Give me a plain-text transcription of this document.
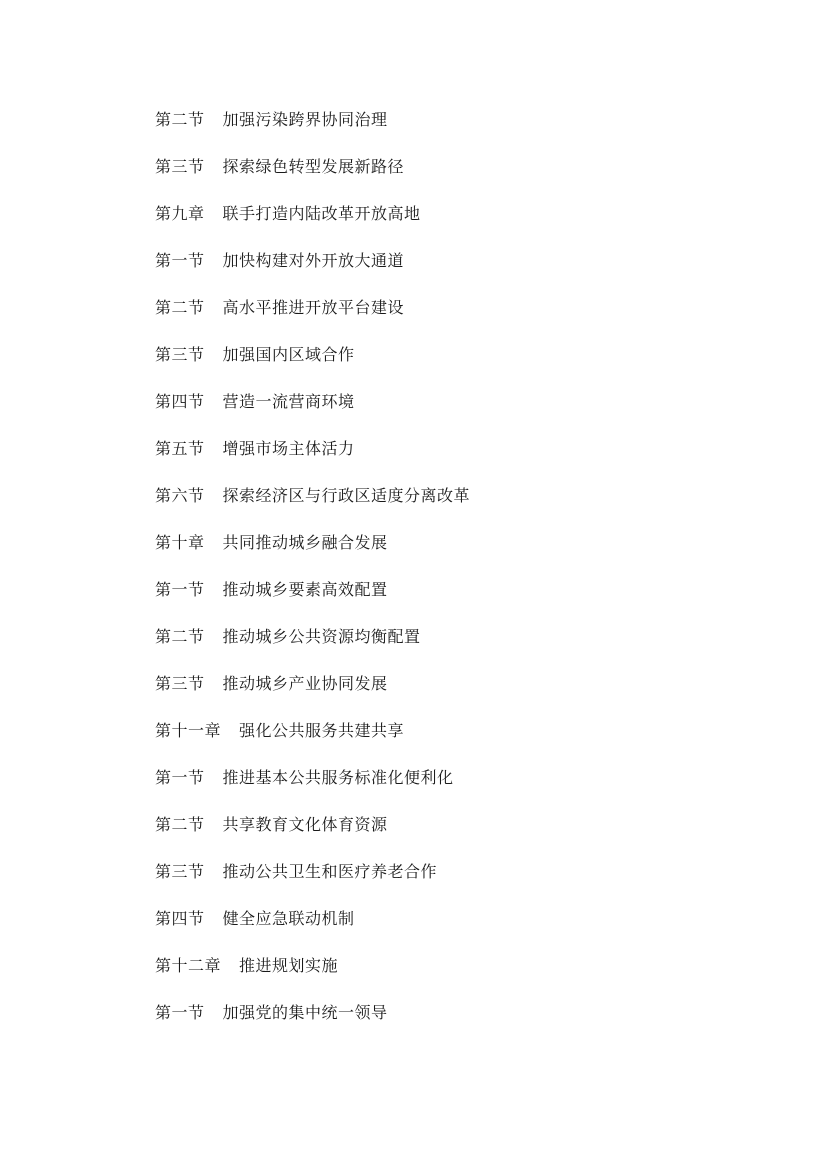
第二节 加强污染跨界协同治理
第三节 探索绿色转型发展新路径
第九章 联手打造内陆改革开放高地
第一节 加快构建对外开放大通道
第二节 高水平推进开放平台建设
第三节 加强国内区域合作
第四节 营造一流营商环境
第五节 增强市场主体活力
第六节 探索经济区与行政区适度分离改革
第十章 共同推动城乡融合发展
第一节 推动城乡要素高效配置
第二节 推动城乡公共资源均衡配置
第三节 推动城乡产业协同发展
第十一章 强化公共服务共建共享
第一节 推进基本公共服务标准化便利化
第二节 共享教育文化体育资源
第三节 推动公共卫生和医疗养老合作
第四节 健全应急联动机制
第十二章 推进规划实施
第一节 加强党的集中统一领导
